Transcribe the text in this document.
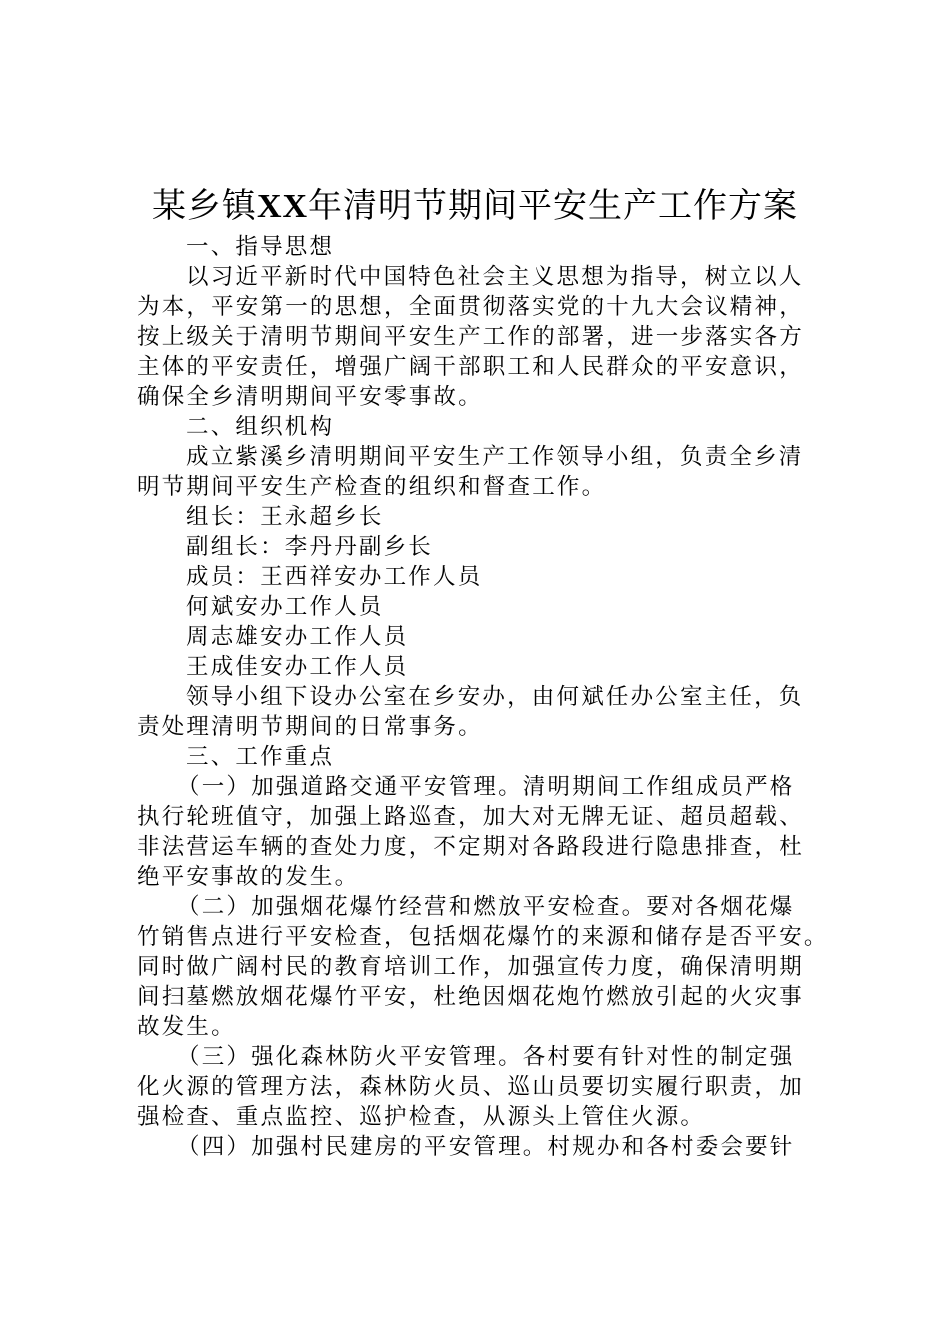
某乡镇XX年清明节期间平安生产工作方案
一、指导思想
以习近平新时代中国特色社会主义思想为指导，树立以人
为本，平安第一的思想，全面贯彻落实党的十九大会议精神，
按上级关于清明节期间平安生产工作的部署，进一步落实各方
主体的平安责任，增强广阔干部职工和人民群众的平安意识，
确保全乡清明期间平安零事故。
二、组织机构
成立紫溪乡清明期间平安生产工作领导小组，负责全乡清
明节期间平安生产检查的组织和督查工作。
组长：王永超乡长
副组长：李丹丹副乡长
成员：王西祥安办工作人员
何斌安办工作人员
周志雄安办工作人员
王成佳安办工作人员
领导小组下设办公室在乡安办，由何斌任办公室主任，负
责处理清明节期间的日常事务。
三、工作重点
（一）加强道路交通平安管理。清明期间工作组成员严格
执行轮班值守，加强上路巡查，加大对无牌无证、超员超载、
非法营运车辆的查处力度，不定期对各路段进行隐患排查，杜
绝平安事故的发生。
（二）加强烟花爆竹经营和燃放平安检查。要对各烟花爆
竹销售点进行平安检查，包括烟花爆竹的来源和储存是否平安。
同时做广阔村民的教育培训工作，加强宣传力度，确保清明期
间扫墓燃放烟花爆竹平安，杜绝因烟花炮竹燃放引起的火灾事
故发生。
（三）强化森林防火平安管理。各村要有针对性的制定强
化火源的管理方法，森林防火员、巡山员要切实履行职责，加
强检查、重点监控、巡护检查，从源头上管住火源。
（四）加强村民建房的平安管理。村规办和各村委会要针
